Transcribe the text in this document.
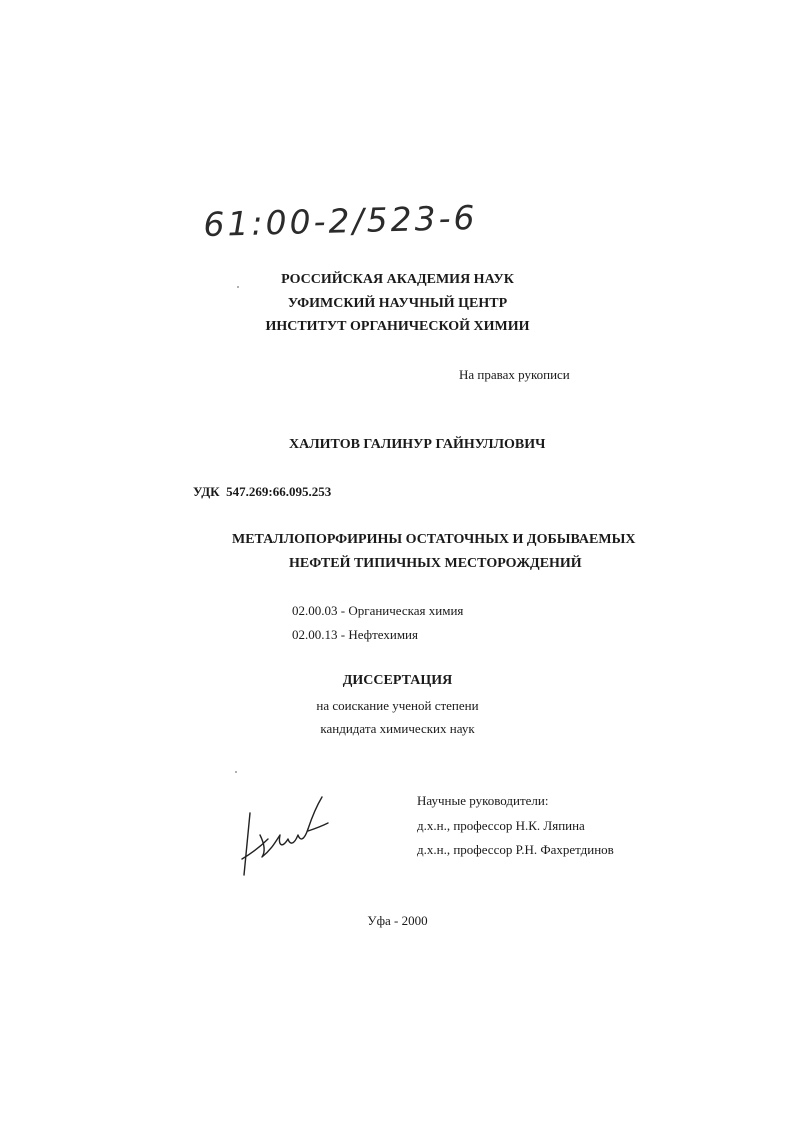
61:00-2/523-6
РОССИЙСКАЯ АКАДЕМИЯ НАУК
УФИМСКИЙ НАУЧНЫЙ ЦЕНТР
ИНСТИТУТ ОРГАНИЧЕСКОЙ ХИМИИ
На правах рукописи
ХАЛИТОВ ГАЛИНУР ГАЙНУЛЛОВИЧ
УДК 547.269:66.095.253
МЕТАЛЛОПОРФИРИНЫ ОСТАТОЧНЫХ И ДОБЫВАЕМЫХ
НЕФТЕЙ ТИПИЧНЫХ МЕСТОРОЖДЕНИЙ
02.00.03 - Органическая химия
02.00.13 - Нефтехимия
ДИССЕРТАЦИЯ
на соискание ученой степени
кандидата химических наук
Научные руководители:
д.х.н., профессор Н.К. Ляпина
д.х.н., профессор Р.Н. Фахретдинов
Уфа - 2000
